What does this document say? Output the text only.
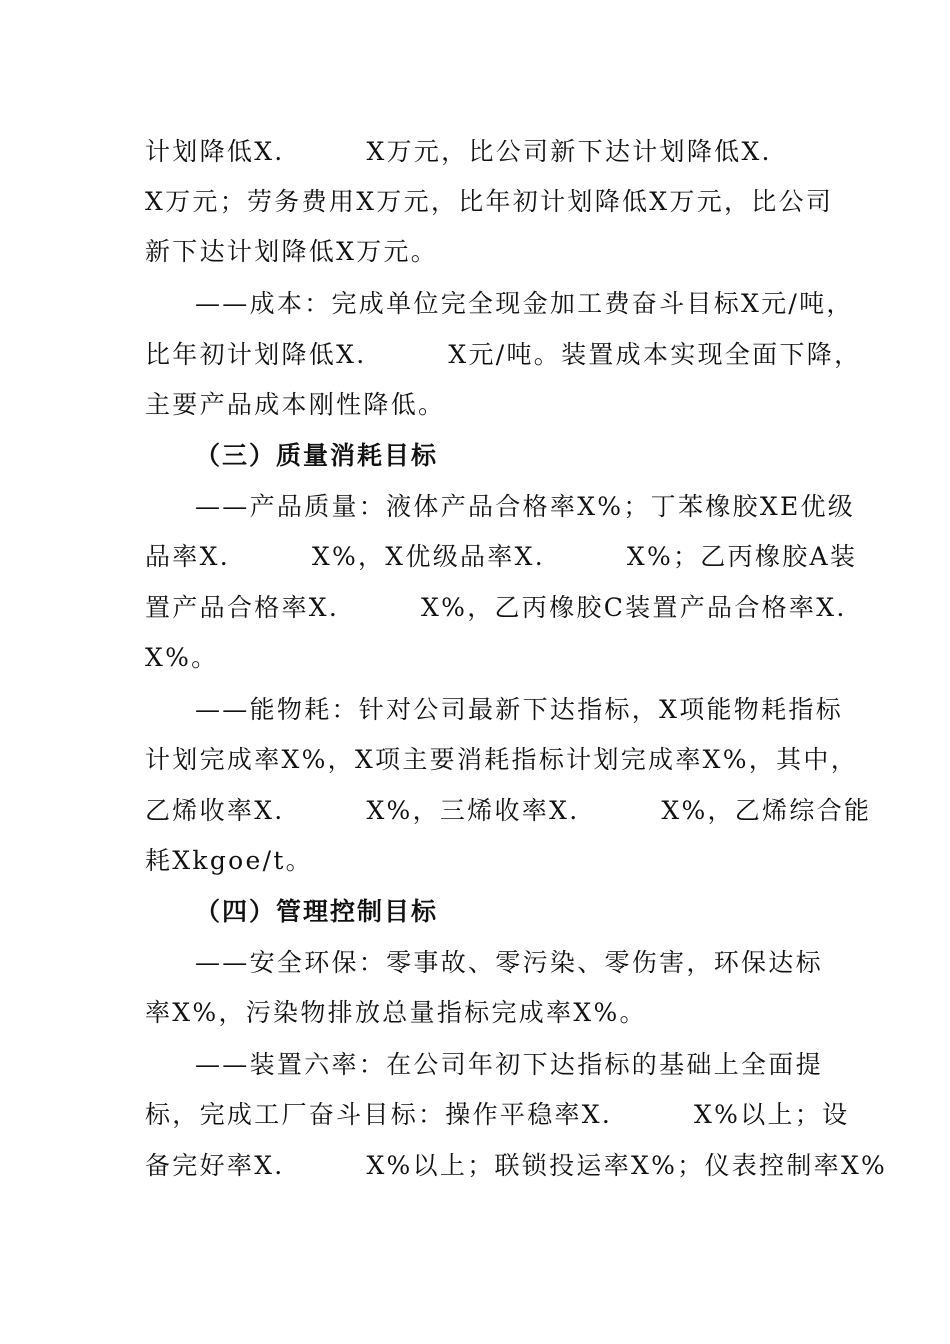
计划降低X.　　　X万元，比公司新下达计划降低X.
X万元；劳务费用X万元，比年初计划降低X万元，比公司
新下达计划降低X万元。
——成本：完成单位完全现金加工费奋斗目标X元/吨，
比年初计划降低X.　　　X元/吨。装置成本实现全面下降，
主要产品成本刚性降低。
（三）质量消耗目标
——产品质量：液体产品合格率X%；丁苯橡胶XE优级
品率X.　　　X%，X优级品率X.　　　X%；乙丙橡胶A装
置产品合格率X.　　　X%，乙丙橡胶C装置产品合格率X.
X%。
——能物耗：针对公司最新下达指标，X项能物耗指标
计划完成率X%，X项主要消耗指标计划完成率X%，其中，
乙烯收率X.　　　X%，三烯收率X.　　　X%，乙烯综合能
耗Xkgoe/t。
（四）管理控制目标
——安全环保：零事故、零污染、零伤害，环保达标
率X%，污染物排放总量指标完成率X%。
——装置六率：在公司年初下达指标的基础上全面提
标，完成工厂奋斗目标：操作平稳率X.　　　X%以上；设
备完好率X.　　　X%以上；联锁投运率X%；仪表控制率X%
